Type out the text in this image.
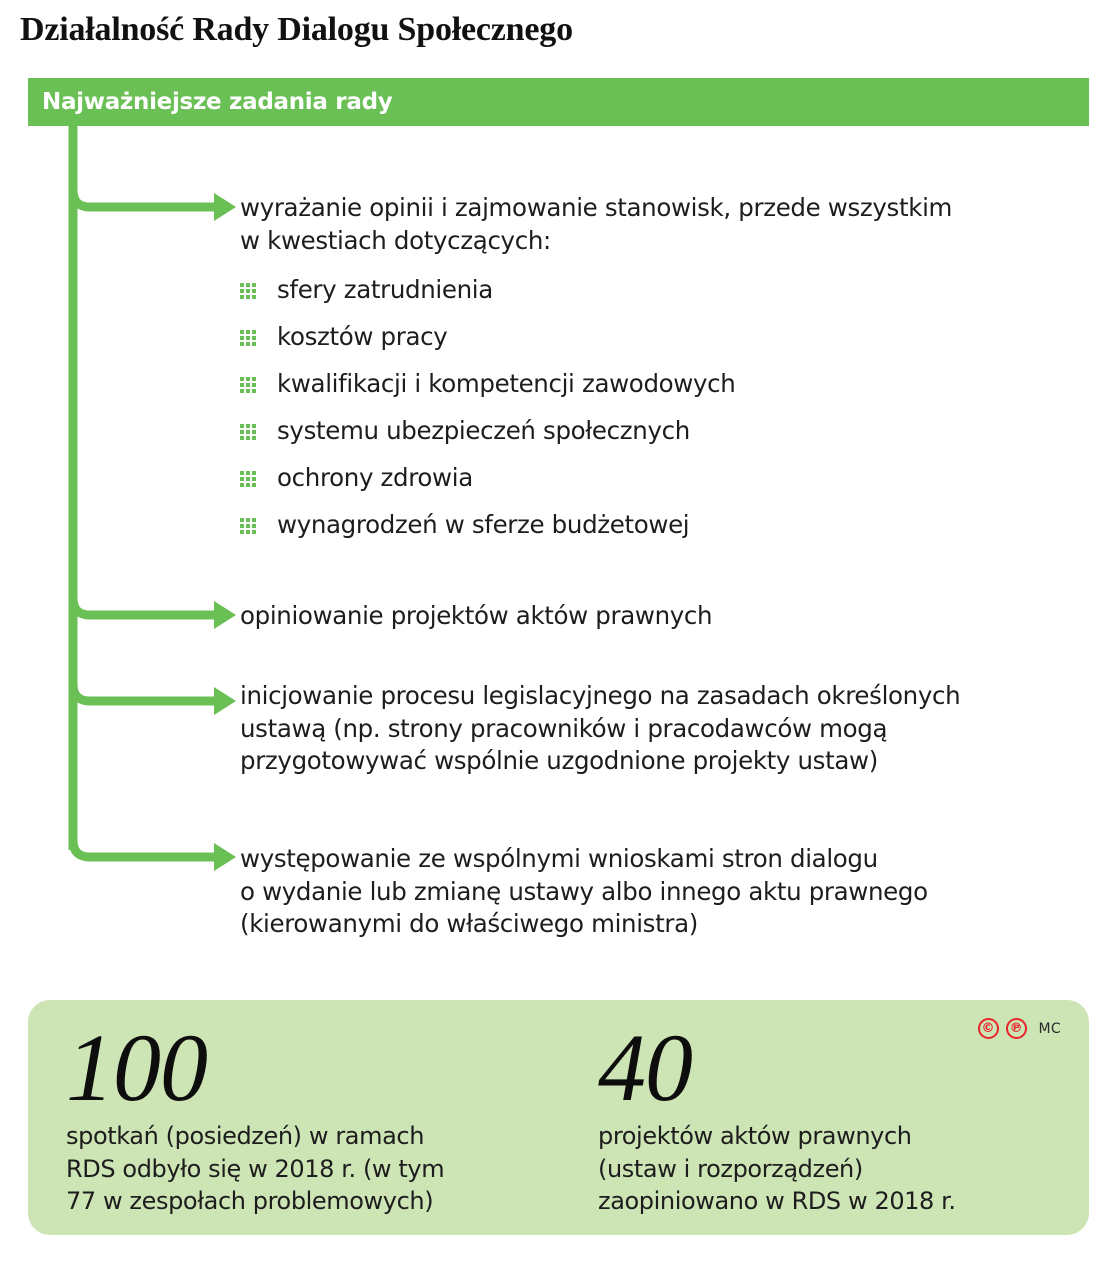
Działalność Rady Dialogu Społecznego
Najważniejsze zadania rady
wyrażanie opinii i zajmowanie stanowisk, przede wszystkim
w kwestiach dotyczących:
sfery zatrudnienia
kosztów pracy
kwalifikacji i kompetencji zawodowych
systemu ubezpieczeń społecznych
ochrony zdrowia
wynagrodzeń w sferze budżetowej
opiniowanie projektów aktów prawnych
inicjowanie procesu legislacyjnego na zasadach określonych
ustawą (np. strony pracowników i pracodawców mogą
przygotowywać wspólnie uzgodnione projekty ustaw)
występowanie ze wspólnymi wnioskami stron dialogu
o wydanie lub zmianę ustawy albo innego aktu prawnego
(kierowanymi do właściwego ministra)
©	℗ MC
100
spotkań (posiedzeń) w ramach
RDS odbyło się w 2018 r. (w tym
77 w zespołach problemowych)
40
projektów aktów prawnych
(ustaw i rozporządzeń)
zaopiniowano w RDS w 2018 r.
